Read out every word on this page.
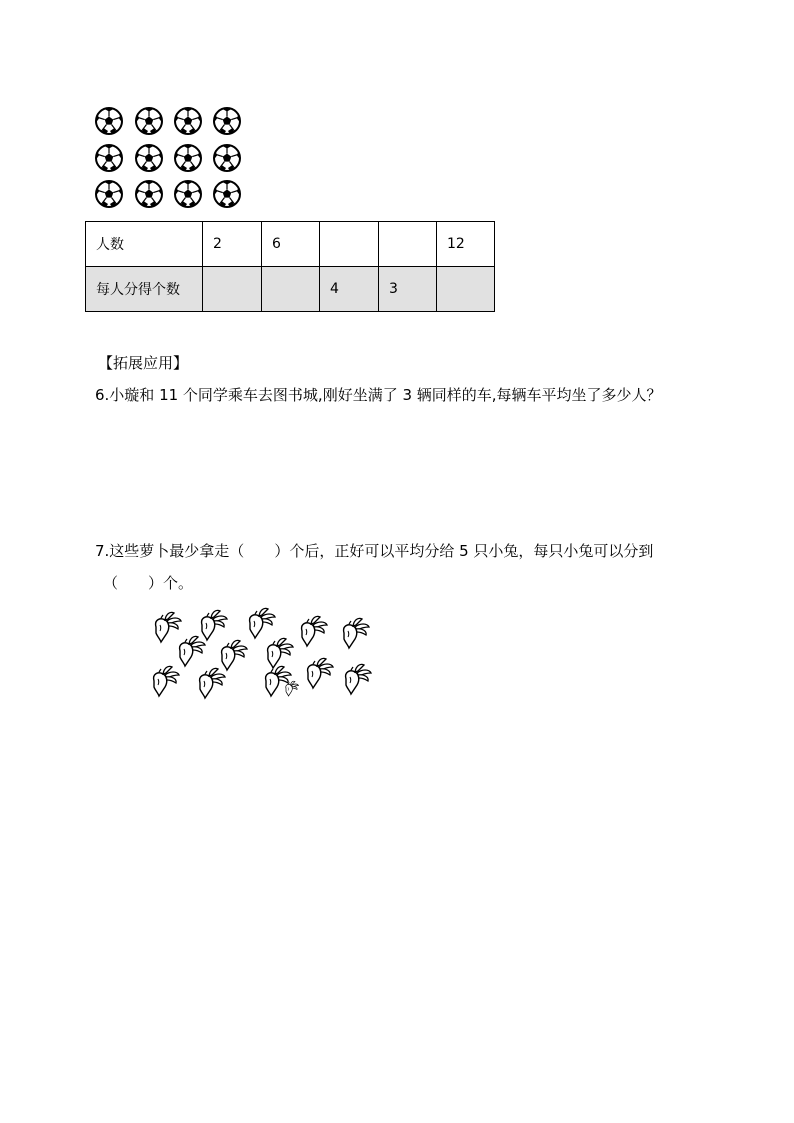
人数	2	6			12
每人分得个数			4	3	
【拓展应用】
6.小璇和 11 个同学乘车去图书城,刚好坐满了 3 辆同样的车,每辆车平均坐了多少人？
7.这些萝卜最少拿走（　　）个后，正好可以平均分给 5 只小兔，每只小兔可以分到
（　　）个。
